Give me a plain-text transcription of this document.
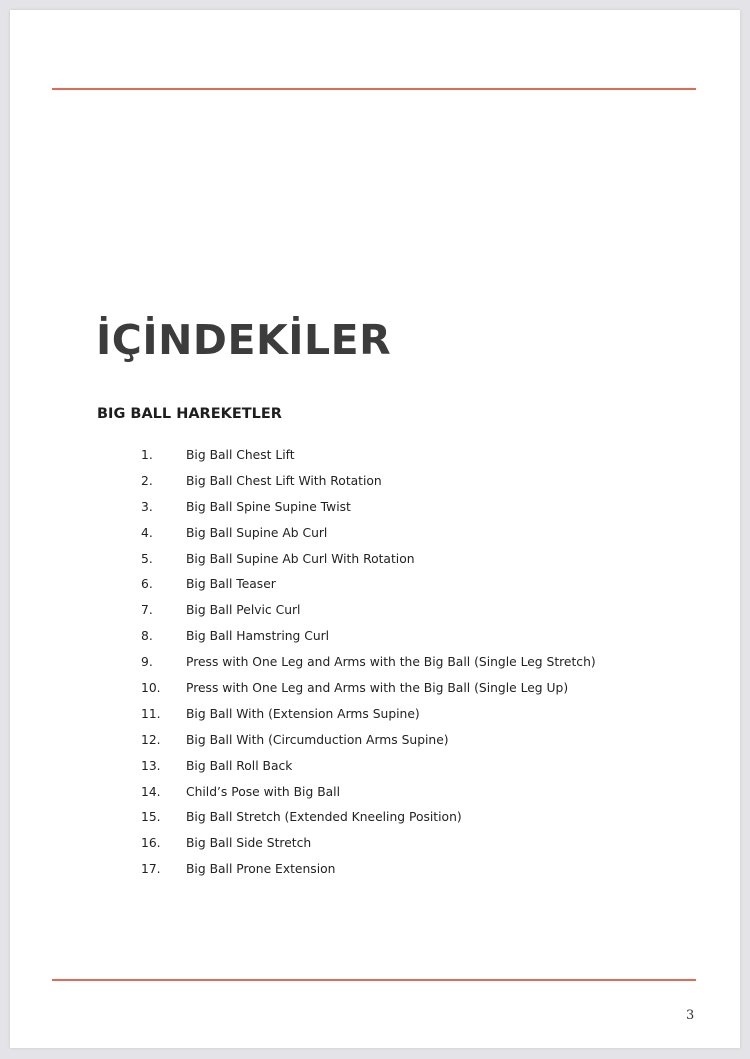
İÇİNDEKİLER
BIG BALL HAREKETLER
1.	Big Ball Chest Lift
2.	Big Ball Chest Lift With Rotation
3.	Big Ball Spine Supine Twist
4.	Big Ball Supine Ab Curl
5.	Big Ball Supine Ab Curl With Rotation
6.	Big Ball Teaser
7.	Big Ball Pelvic Curl
8.	Big Ball Hamstring Curl
9.	Press with One Leg and Arms with the Big Ball (Single Leg Stretch)
10.	Press with One Leg and Arms with the Big Ball (Single Leg Up)
11.	Big Ball With (Extension Arms Supine)
12.	Big Ball With (Circumduction Arms Supine)
13.	Big Ball Roll Back
14.	Child’s Pose with Big Ball
15.	Big Ball Stretch (Extended Kneeling Position)
16.	Big Ball Side Stretch
17.	Big Ball Prone Extension
3
